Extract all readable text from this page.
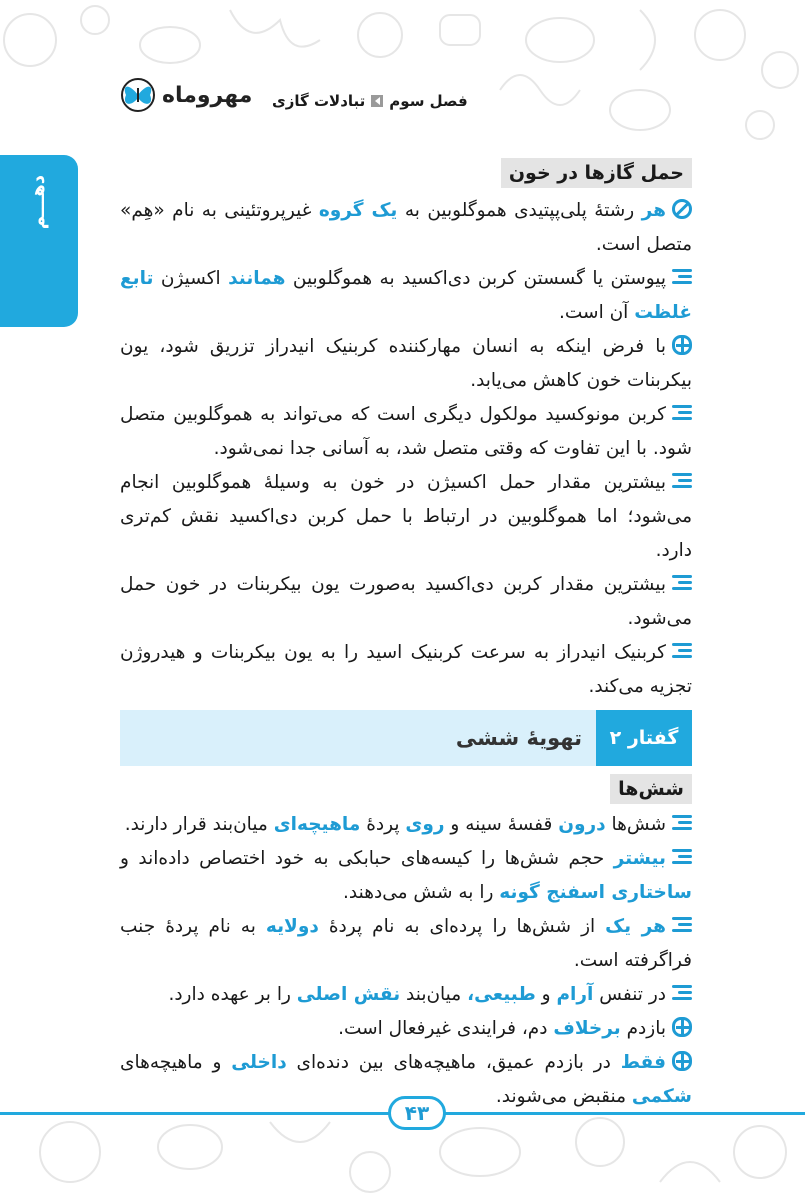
مهروماه	فصل سوم
تبادلات گازی
دهـــم
حمل گازها در خون

هر رشتهٔ پلی‌پپتیدی هموگلوبین به یک گروه غیرپروتئینی به نام «هِم» متصل است.

پیوستن یا گسستن کربن دی‌اکسید به هموگلوبین همانند اکسیژن تابع غلظت آن است.

با فرض اینکه به انسان مهارکننده کربنیک انیدراز تزریق شود، یون بیکربنات خون کاهش می‌یابد.

کربن مونوکسید مولکول دیگری است که می‌تواند به هموگلوبین متصل شود. با این تفاوت که وقتی متصل شد، به آسانی جدا نمی‌شود.

بیشترین مقدار حمل اکسیژن در خون به وسیلهٔ هموگلوبین انجام می‌شود؛ اما هموگلوبین در ارتباط با حمل کربن دی‌اکسید نقش کم‌تری دارد.

بیشترین مقدار کربن دی‌اکسید به‌صورت یون بیکربنات در خون حمل می‌شود.

کربنیک انیدراز به سرعت کربنیک اسید را به یون بیکربنات و هیدروژن تجزیه می‌کند.

گفتار ۲
تهویهٔ ششی
شش‌ها

شش‌ها درون قفسهٔ سینه و روی پردهٔ ماهیچه‌ای میان‌بند قرار دارند.

بیشتر حجم شش‌ها را کیسه‌های حبابکی به خود اختصاص داده‌اند و ساختاری اسفنج گونه را به شش می‌دهند.

هر یک از شش‌ها را پرده‌ای به نام پردهٔ دولایه به نام پردهٔ جنب فراگرفته است.

در تنفس آرام و طبیعی، میان‌بند نقش اصلی را بر عهده دارد.

بازدم برخلاف دم، فرایندی غیرفعال است.

فقط در بازدم عمیق، ماهیچه‌های بین دنده‌ای داخلی و ماهیچه‌های شکمی منقبض می‌شوند.

۴۳
